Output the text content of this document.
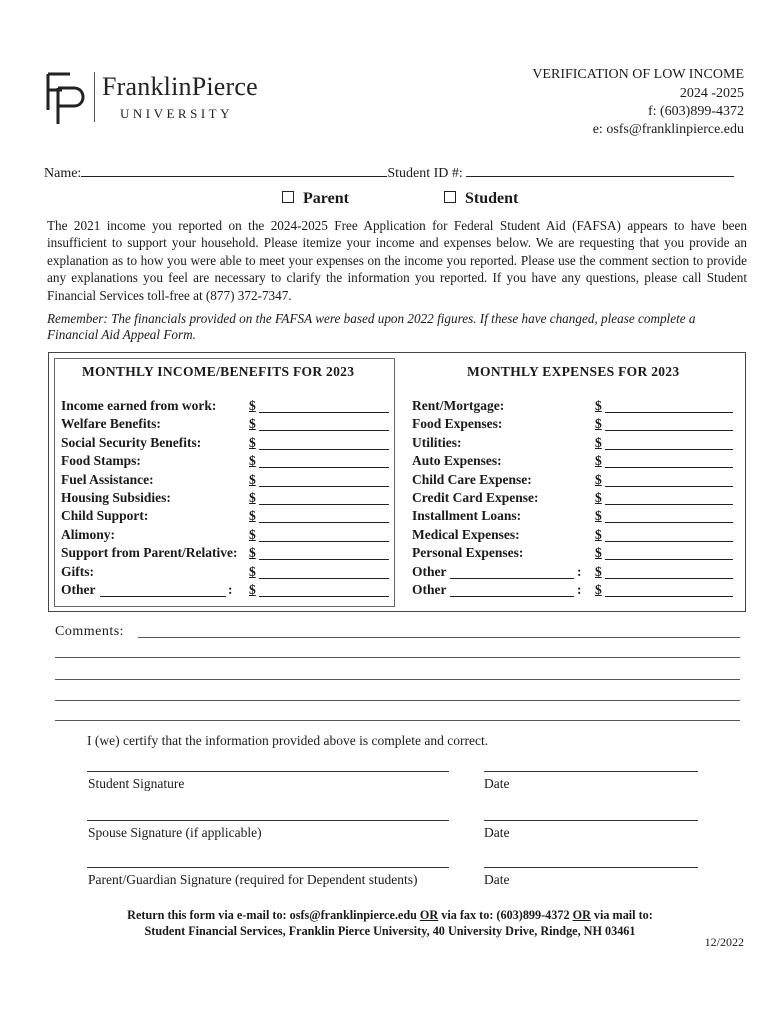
FranklinPierce
UNIVERSITY
VERIFICATION OF LOW INCOME
2024 -2025
f: (603)899-4372
e: osfs@franklinpierce.edu
Name:	Student ID #:
Parent	Student
The 2021 income you reported on the 2024-2025 Free Application for Federal Student Aid (FAFSA) appears to have been insufficient to support your household. Please itemize your income and expenses below. We are requesting that you provide an explanation as to how you were able to meet your expenses on the income you reported. Please use the comment section to provide any explanations you feel are necessary to clarify the information you reported. If you have any questions, please call Student Financial Services toll-free at (877) 372-7347.
Remember: The financials provided on the FAFSA were based upon 2022 figures. If these have changed, please complete a Financial Aid Appeal Form.
MONTHLY INCOME/BENEFITS FOR 2023	MONTHLY EXPENSES FOR 2023
Income earned from work: $
Welfare Benefits:	$
Social Security Benefits:	$
Food Stamps:	$
Fuel Assistance:	$
Housing Subsidies:	$
Child Support:	$
Alimony:	$
Support from Parent/Relative: $
Gifts:	$
Other	: $
Rent/Mortgage:	$
Food Expenses:	$
Utilities:	$
Auto Expenses:	$
Child Care Expense:	$
Credit Card Expense:	$
Installment Loans:	$
Medical Expenses:	$
Personal Expenses:	$
Other	: $
Other	: $
Comments:
I (we) certify that the information provided above is complete and correct.
Student Signature	Date
Spouse Signature (if applicable)	Date
Parent/Guardian Signature (required for Dependent students)	Date
Return this form via e-mail to: osfs@franklinpierce.edu OR via fax to: (603)899-4372 OR via mail to:
Student Financial Services, Franklin Pierce University, 40 University Drive, Rindge, NH 03461
12/2022
